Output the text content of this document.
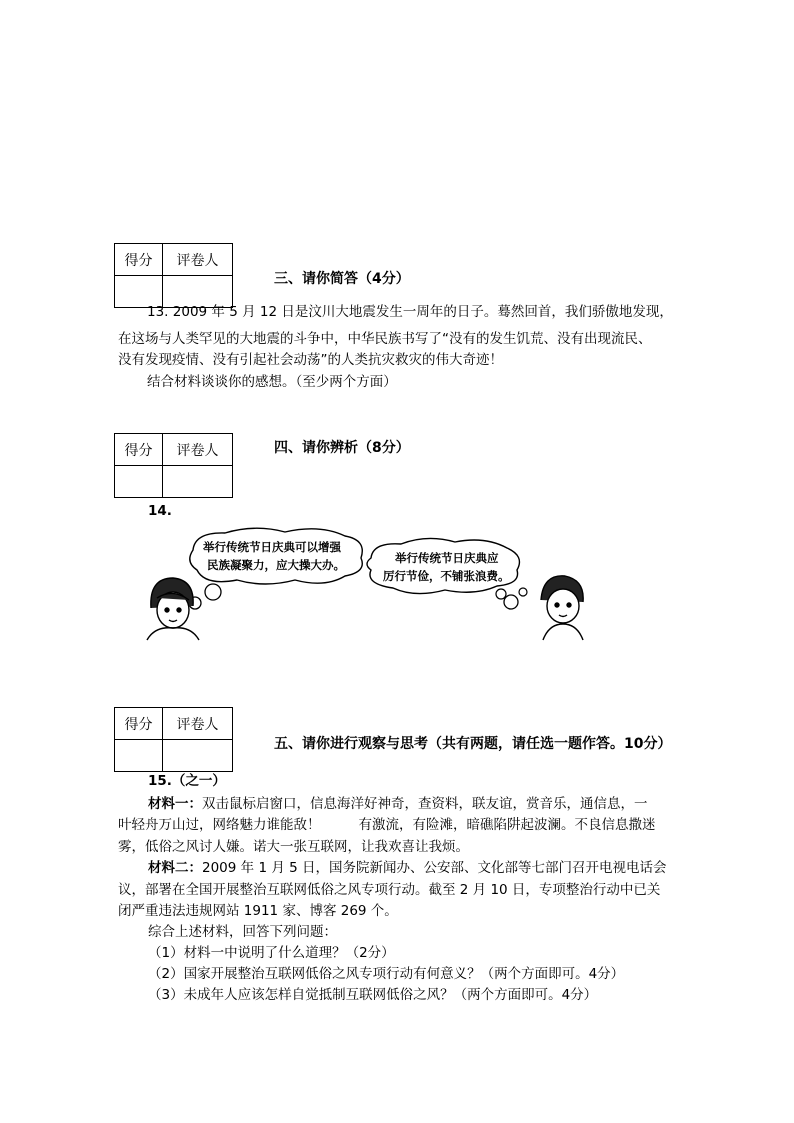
得分	评卷人

三、请你简答（4分）
13. 2009 年 5 月 12 日是汶川大地震发生一周年的日子。蓦然回首，我们骄傲地发现，
在这场与人类罕见的大地震的斗争中，中华民族书写了“没有的发生饥荒、没有出现流民、
没有发现疫情、没有引起社会动荡”的人类抗灾救灾的伟大奇迹！
结合材料谈谈你的感想。（至少两个方面）
得分	评卷人
		四、请你辨析（8分）
14.
举行传统节日庆典可以增强
民族凝聚力，应大操大办。	举行传统节日庆典应
厉行节俭，不铺张浪费。
得分	评卷人

五、请你进行观察与思考（共有两题，请任选一题作答。10分）
15.（之一）
材料一：双击鼠标启窗口，信息海洋好神奇，查资料，联友谊，赏音乐，通信息，一
叶轻舟万山过，网络魅力谁能敌！	有激流，有险滩，暗礁陷阱起波澜。不良信息撒迷
雾，低俗之风讨人嫌。诺大一张互联网，让我欢喜让我烦。
材料二：2009 年 1 月 5 日，国务院新闻办、公安部、文化部等七部门召开电视电话会
议，部署在全国开展整治互联网低俗之风专项行动。截至 2 月 10 日，专项整治行动中已关
闭严重违法违规网站 1911 家、博客 269 个。
综合上述材料，回答下列问题：
（1）材料一中说明了什么道理？（2分）
（2）国家开展整治互联网低俗之风专项行动有何意义？（两个方面即可。4分）
（3）未成年人应该怎样自觉抵制互联网低俗之风？（两个方面即可。4分）
